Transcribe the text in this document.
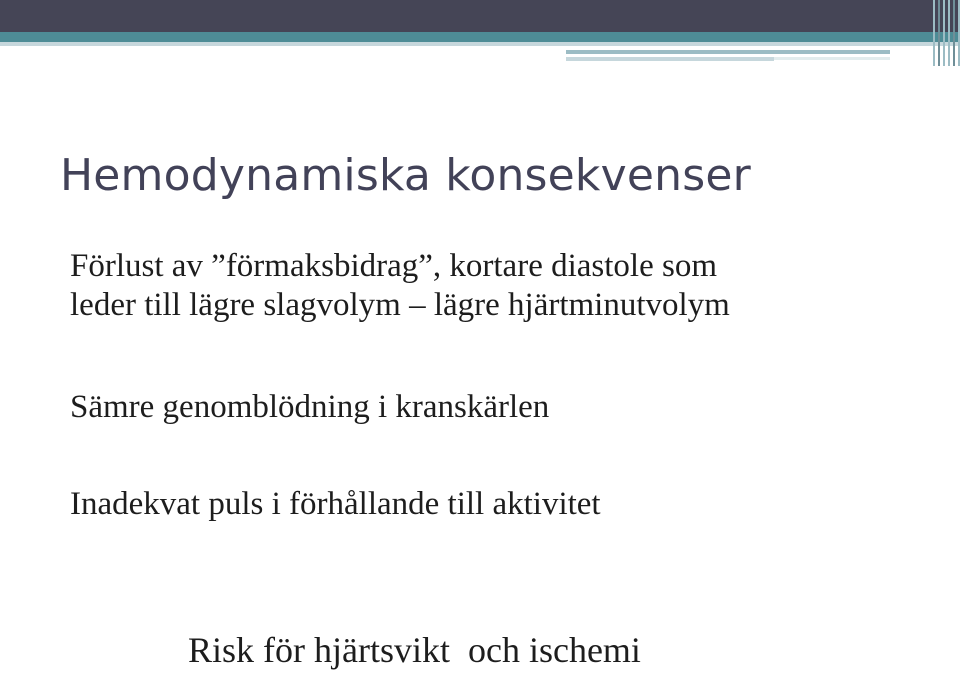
Hemodynamiska konsekvenser
Förlust av ”förmaksbidrag”, kortare diastole som
leder till lägre slagvolym – lägre hjärtminutvolym
Sämre genomblödning i kranskärlen
Inadekvat puls i förhållande till aktivitet
Risk för hjärtsvikt  och ischemi
